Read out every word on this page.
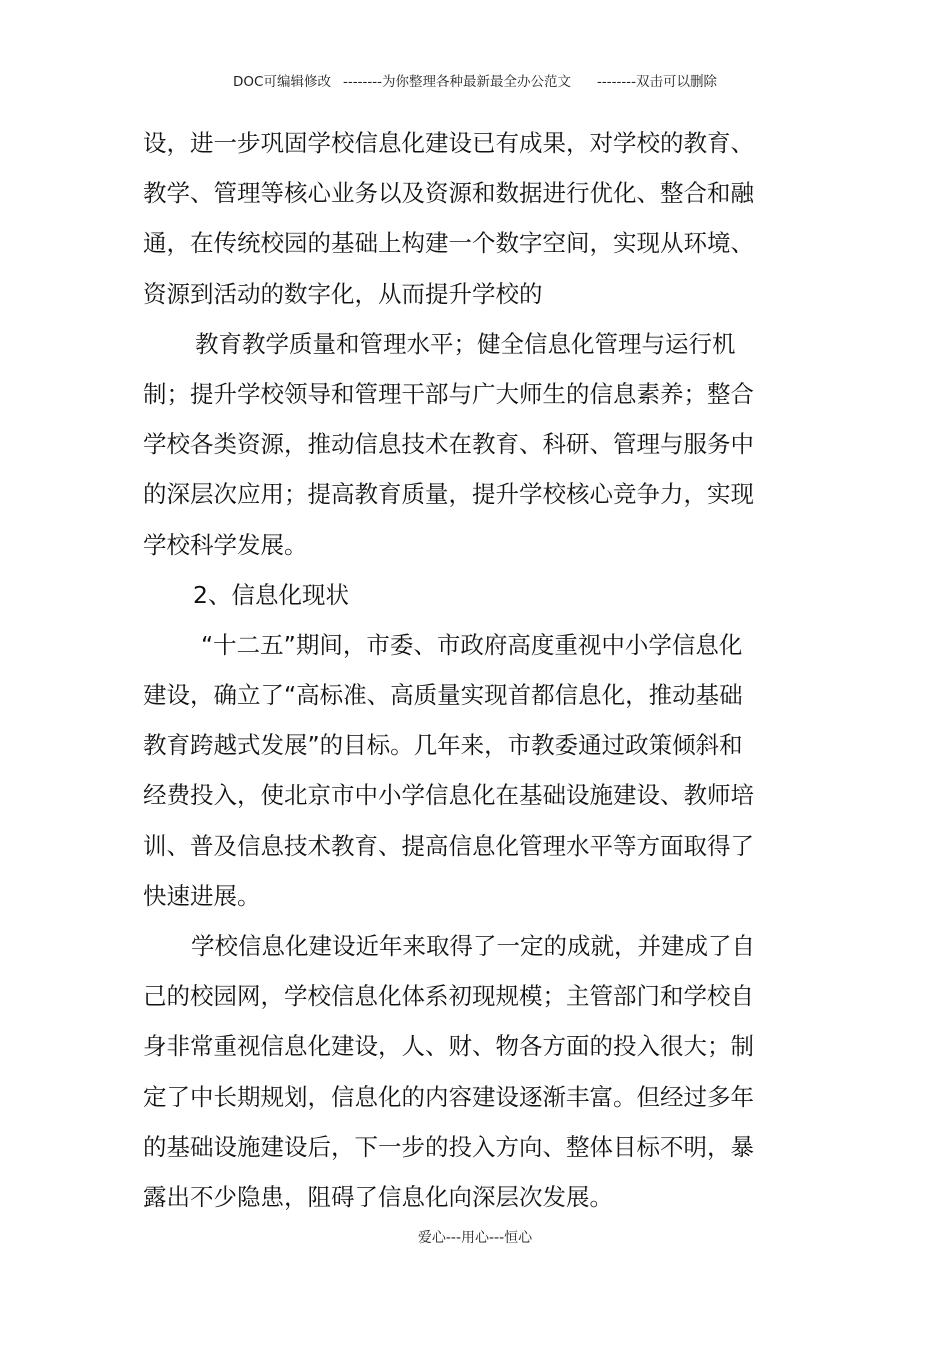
DOC可编辑修改 --------为你整理各种最新最全办公范文 --------双击可以删除
设，进一步巩固学校信息化建设已有成果，对学校的教育、
教学、管理等核心业务以及资源和数据进行优化、整合和融
通，在传统校园的基础上构建一个数字空间，实现从环境、
资源到活动的数字化，从而提升学校的
教育教学质量和管理水平；健全信息化管理与运行机
制；提升学校领导和管理干部与广大师生的信息素养；整合
学校各类资源，推动信息技术在教育、科研、管理与服务中
的深层次应用；提高教育质量，提升学校核心竞争力，实现
学校科学发展。
2、信息化现状
“十二五”期间，市委、市政府高度重视中小学信息化
建设，确立了“高标准、高质量实现首都信息化，推动基础
教育跨越式发展”的目标。几年来，市教委通过政策倾斜和
经费投入，使北京市中小学信息化在基础设施建设、教师培
训、普及信息技术教育、提高信息化管理水平等方面取得了
快速进展。
学校信息化建设近年来取得了一定的成就，并建成了自
己的校园网，学校信息化体系初现规模；主管部门和学校自
身非常重视信息化建设，人、财、物各方面的投入很大；制
定了中长期规划，信息化的内容建设逐渐丰富。但经过多年
的基础设施建设后，下一步的投入方向、整体目标不明，暴
露出不少隐患，阻碍了信息化向深层次发展。
爱心---用心---恒心
